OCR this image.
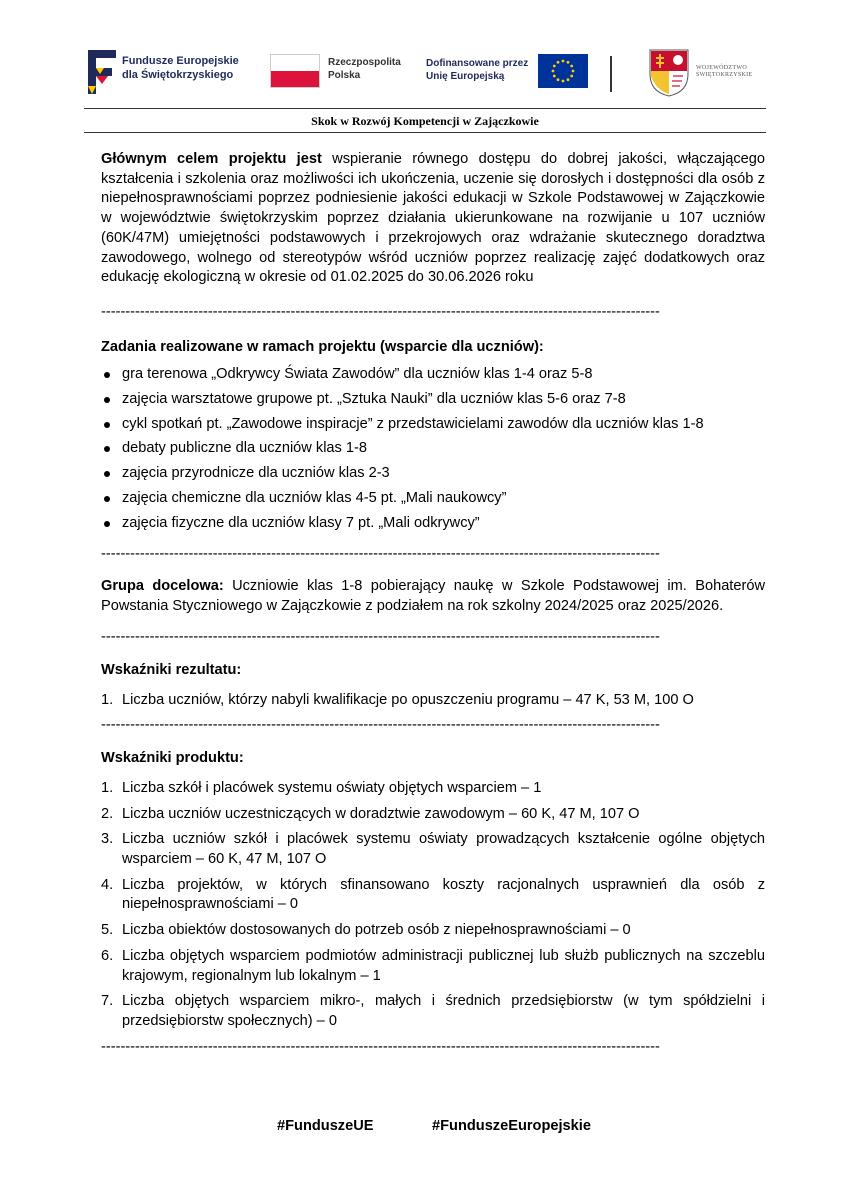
Fundusze Europejskie
dla Świętokrzyskiego
Rzeczpospolita
Polska
Dofinansowane przez
Unię Europejską
WOJEWÓDZTWO
ŚWIĘTOKRZYSKIE
Skok w Rozwój Kompetencji w Zajączkowie

Głównym celem projektu jest wspieranie równego dostępu do dobrej jakości, włączającego kształcenia i szkolenia oraz możliwości ich ukończenia, uczenie się dorosłych i dostępności dla osób z niepełnosprawnościami poprzez podniesienie jakości edukacji w Szkole Podstawowej w Zajączkowie w województwie świętokrzyskim poprzez działania ukierunkowane na rozwijanie u 107 uczniów (60K/47M) umiejętności podstawowych i przekrojowych oraz wdrażanie skutecznego doradztwa zawodowego, wolnego od stereotypów wśród uczniów poprzez realizację zajęć dodatkowych oraz edukację ekologiczną w okresie od 01.02.2025 do 30.06.2026 roku

-------------------------------------------------------------------------------------------------------------------

Zadania realizowane w ramach projektu (wsparcie dla uczniów):

gra terenowa „Odkrywcy Świata Zawodów” dla uczniów klas 1-4 oraz 5-8
zajęcia warsztatowe grupowe pt. „Sztuka Nauki” dla uczniów klas 5-6 oraz 7-8
cykl spotkań pt. „Zawodowe inspiracje” z przedstawicielami zawodów dla uczniów klas 1-8
debaty publiczne dla uczniów klas 1-8
zajęcia przyrodnicze dla uczniów klas 2-3
zajęcia chemiczne dla uczniów klas 4-5 pt. „Mali naukowcy”
zajęcia fizyczne dla uczniów klasy 7 pt. „Mali odkrywcy”
-------------------------------------------------------------------------------------------------------------------

Grupa docelowa: Uczniowie klas 1-8 pobierający naukę w Szkole Podstawowej im. Bohaterów Powstania Styczniowego w Zajączkowie z podziałem na rok szkolny 2024/2025 oraz 2025/2026.

-------------------------------------------------------------------------------------------------------------------

Wskaźniki rezultatu:

1. Liczba uczniów, którzy nabyli kwalifikacje po opuszczeniu programu – 47 K, 53 M, 100 O
-------------------------------------------------------------------------------------------------------------------

Wskaźniki produktu:

1. Liczba szkół i placówek systemu oświaty objętych wsparciem – 1
2. Liczba uczniów uczestniczących w doradztwie zawodowym – 60 K, 47 M, 107 O
3. Liczba uczniów szkół i placówek systemu oświaty prowadzących kształcenie ogólne objętych wsparciem – 60 K, 47 M, 107 O
4. Liczba projektów, w których sfinansowano koszty racjonalnych usprawnień dla osób z niepełnosprawnościami – 0
5. Liczba obiektów dostosowanych do potrzeb osób z niepełnosprawnościami – 0
6. Liczba objętych wsparciem podmiotów administracji publicznej lub służb publicznych na szczeblu krajowym, regionalnym lub lokalnym – 1
7. Liczba objętych wsparciem mikro-, małych i średnich przedsiębiorstw (w tym spółdzielni i przedsiębiorstw społecznych) – 0
-------------------------------------------------------------------------------------------------------------------
#FunduszeUE	#FunduszeEuropejskie
